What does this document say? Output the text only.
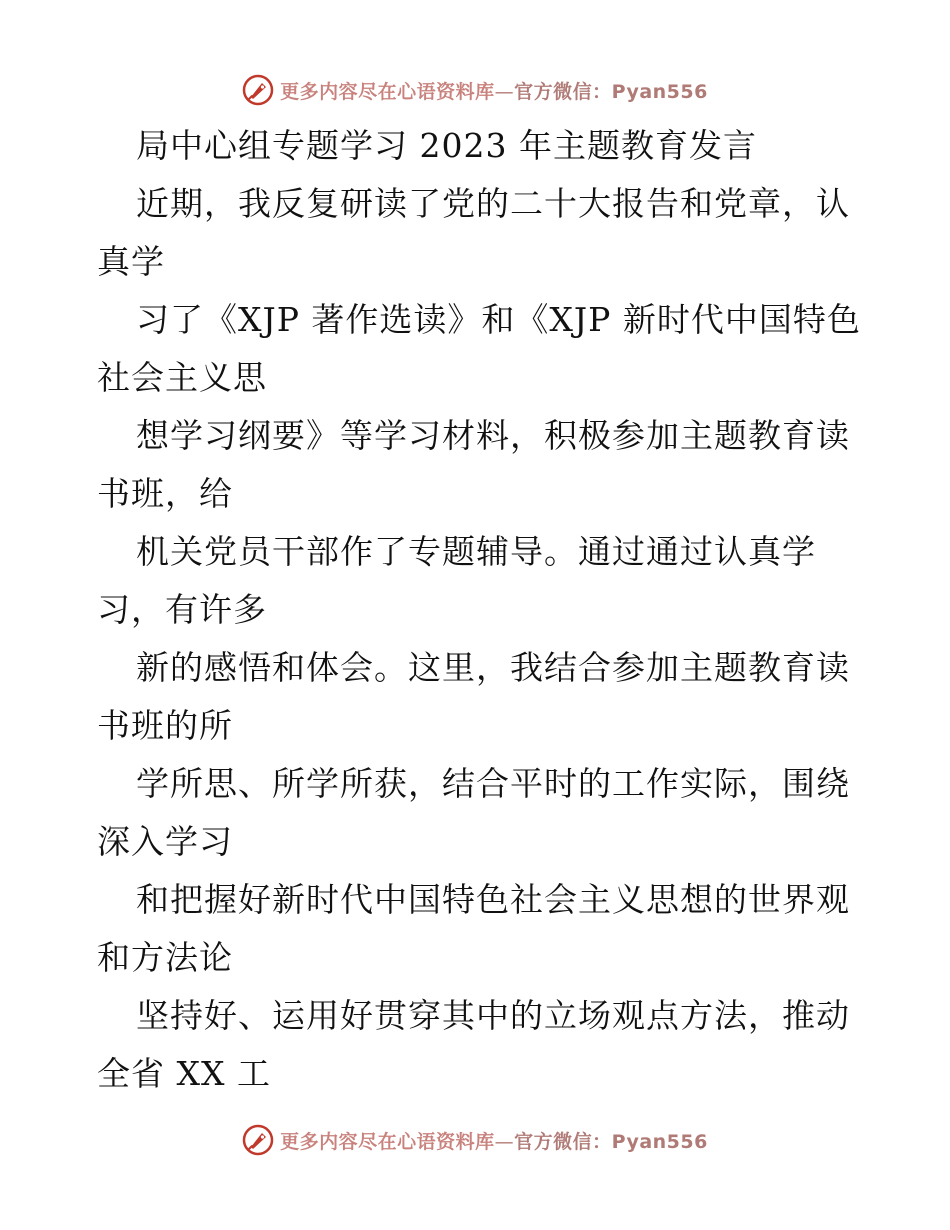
更多内容尽在心语资料库—官方微信：Pyan556
局中心组专题学习 2023 年主题教育发言
近期，我反复研读了党的二十大报告和党章，认
真学
习了《XJP 著作选读》和《XJP 新时代中国特色
社会主义思
想学习纲要》等学习材料，积极参加主题教育读
书班，给
机关党员干部作了专题辅导。通过通过认真学
习，有许多
新的感悟和体会。这里，我结合参加主题教育读
书班的所
学所思、所学所获，结合平时的工作实际，围绕
深入学习
和把握好新时代中国特色社会主义思想的世界观
和方法论
坚持好、运用好贯穿其中的立场观点方法，推动
全省 XX 工
更多内容尽在心语资料库—官方微信：Pyan556
